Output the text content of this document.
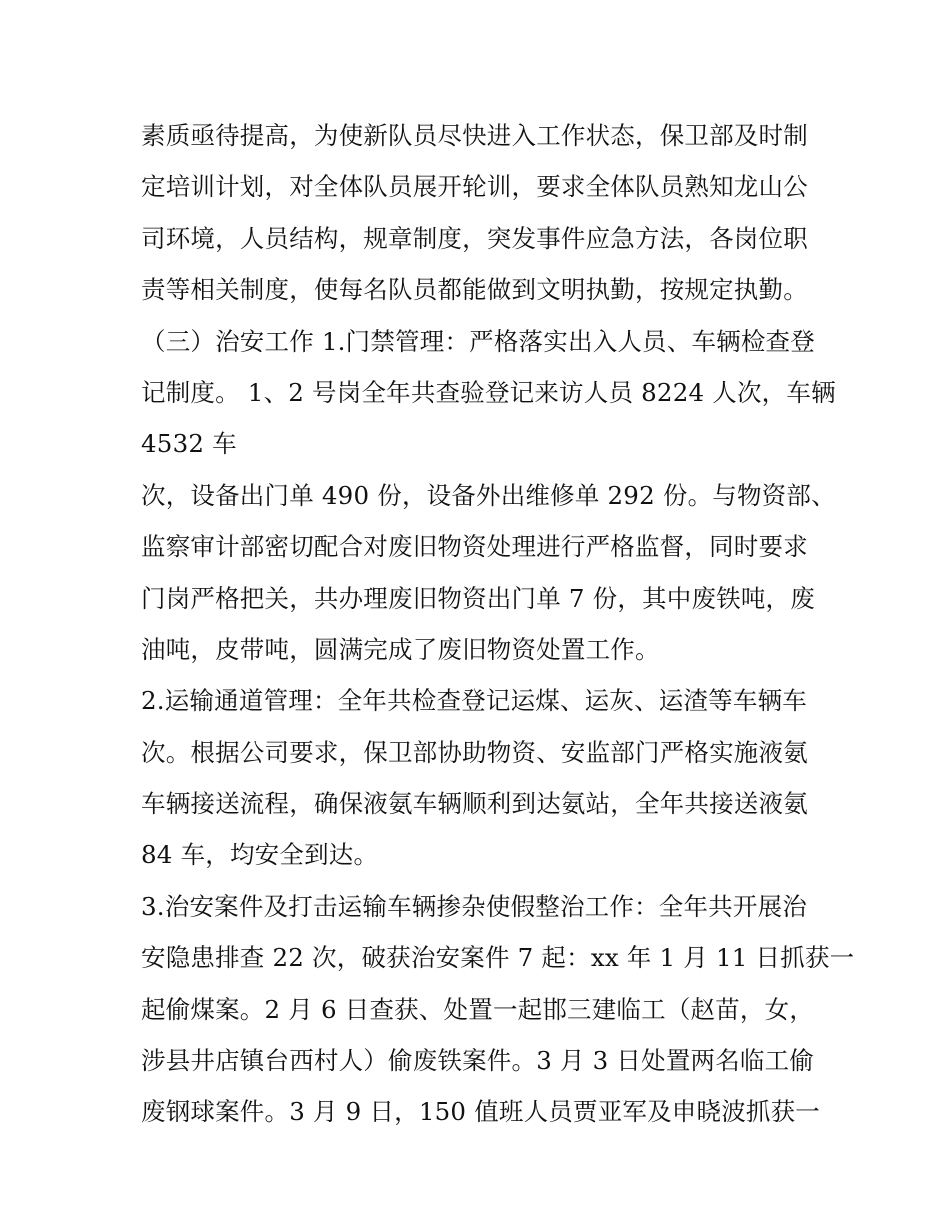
素质亟待提高，为使新队员尽快进入工作状态，保卫部及时制
定培训计划，对全体队员展开轮训，要求全体队员熟知龙山公
司环境，人员结构，规章制度，突发事件应急方法，各岗位职
责等相关制度，使每名队员都能做到文明执勤，按规定执勤。
（三）治安工作 1.门禁管理：严格落实出入人员、车辆检查登
记制度。 1、2 号岗全年共查验登记来访人员 8224 人次，车辆
4532 车
次，设备出门单 490 份，设备外出维修单 292 份。与物资部、
监察审计部密切配合对废旧物资处理进行严格监督，同时要求
门岗严格把关，共办理废旧物资出门单 7 份，其中废铁吨，废
油吨，皮带吨，圆满完成了废旧物资处置工作。
2.运输通道管理：全年共检查登记运煤、运灰、运渣等车辆车
次。根据公司要求，保卫部协助物资、安监部门严格实施液氨
车辆接送流程，确保液氨车辆顺利到达氨站，全年共接送液氨
84 车，均安全到达。
3.治安案件及打击运输车辆掺杂使假整治工作：全年共开展治
安隐患排查 22 次，破获治安案件 7 起：xx 年 1 月 11 日抓获一
起偷煤案。2 月 6 日查获、处置一起邯三建临工（赵苗，女，
涉县井店镇台西村人）偷废铁案件。3 月 3 日处置两名临工偷
废钢球案件。3 月 9 日，150 值班人员贾亚军及申晓波抓获一
